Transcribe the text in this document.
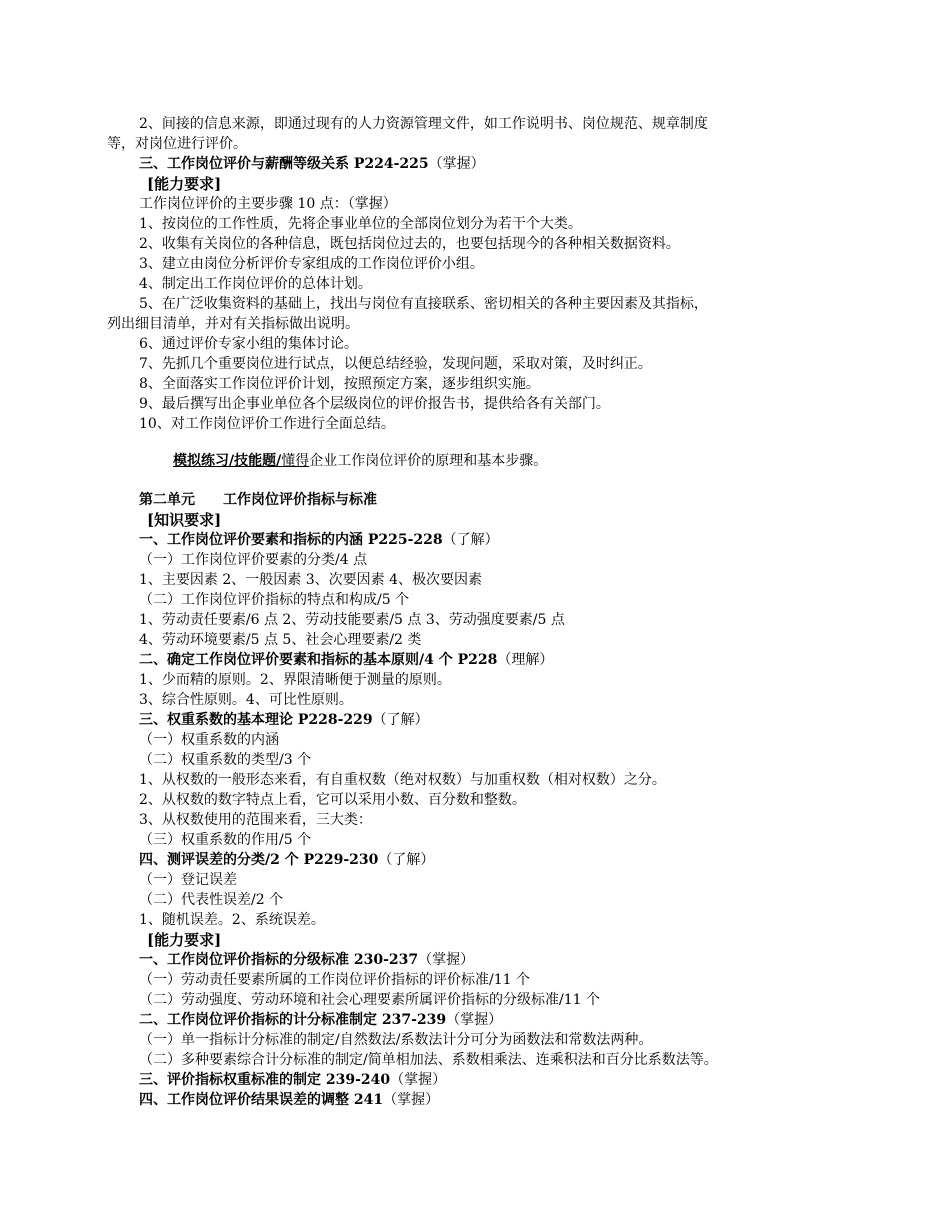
2、间接的信息来源，即通过现有的人力资源管理文件，如工作说明书、岗位规范、规章制度
等，对岗位进行评价。
三、工作岗位评价与薪酬等级关系 P224-225（掌握）
[能力要求]
工作岗位评价的主要步骤 10 点：（掌握）
1、按岗位的工作性质，先将企事业单位的全部岗位划分为若干个大类。
2、收集有关岗位的各种信息，既包括岗位过去的，也要包括现今的各种相关数据资料。
3、建立由岗位分析评价专家组成的工作岗位评价小组。
4、制定出工作岗位评价的总体计划。
5、在广泛收集资料的基础上，找出与岗位有直接联系、密切相关的各种主要因素及其指标，
列出细目清单，并对有关指标做出说明。
6、通过评价专家小组的集体讨论。
7、先抓几个重要岗位进行试点，以便总结经验，发现问题，采取对策，及时纠正。
8、全面落实工作岗位评价计划，按照预定方案，逐步组织实施。
9、最后撰写出企事业单位各个层级岗位的评价报告书，提供给各有关部门。
10、对工作岗位评价工作进行全面总结。
模拟练习/技能题/懂得企业工作岗位评价的原理和基本步骤。
第二单元　　工作岗位评价指标与标准
[知识要求]
一、工作岗位评价要素和指标的内涵 P225-228（了解）
（一）工作岗位评价要素的分类/4 点
1、主要因素 2、一般因素 3、次要因素 4、极次要因素
（二）工作岗位评价指标的特点和构成/5 个
1、劳动责任要素/6 点 2、劳动技能要素/5 点 3、劳动强度要素/5 点
4、劳动环境要素/5 点 5、社会心理要素/2 类
二、确定工作岗位评价要素和指标的基本原则/4 个 P228（理解）
1、少而精的原则。2、界限清晰便于测量的原则。
3、综合性原则。4、可比性原则。
三、权重系数的基本理论 P228-229（了解）
（一）权重系数的内涵
（二）权重系数的类型/3 个
1、从权数的一般形态来看，有自重权数（绝对权数）与加重权数（相对权数）之分。
2、从权数的数字特点上看，它可以采用小数、百分数和整数。
3、从权数使用的范围来看，三大类：
（三）权重系数的作用/5 个
四、测评误差的分类/2 个 P229-230（了解）
（一）登记误差
（二）代表性误差/2 个
1、随机误差。2、系统误差。
[能力要求]
一、工作岗位评价指标的分级标准 230-237（掌握）
（一）劳动责任要素所属的工作岗位评价指标的评价标准/11 个
（二）劳动强度、劳动环境和社会心理要素所属评价指标的分级标准/11 个
二、工作岗位评价指标的计分标准制定 237-239（掌握）
（一）单一指标计分标准的制定/自然数法/系数法计分可分为函数法和常数法两种。
（二）多种要素综合计分标准的制定/简单相加法、系数相乘法、连乘积法和百分比系数法等。
三、评价指标权重标准的制定 239-240（掌握）
四、工作岗位评价结果误差的调整 241（掌握）
